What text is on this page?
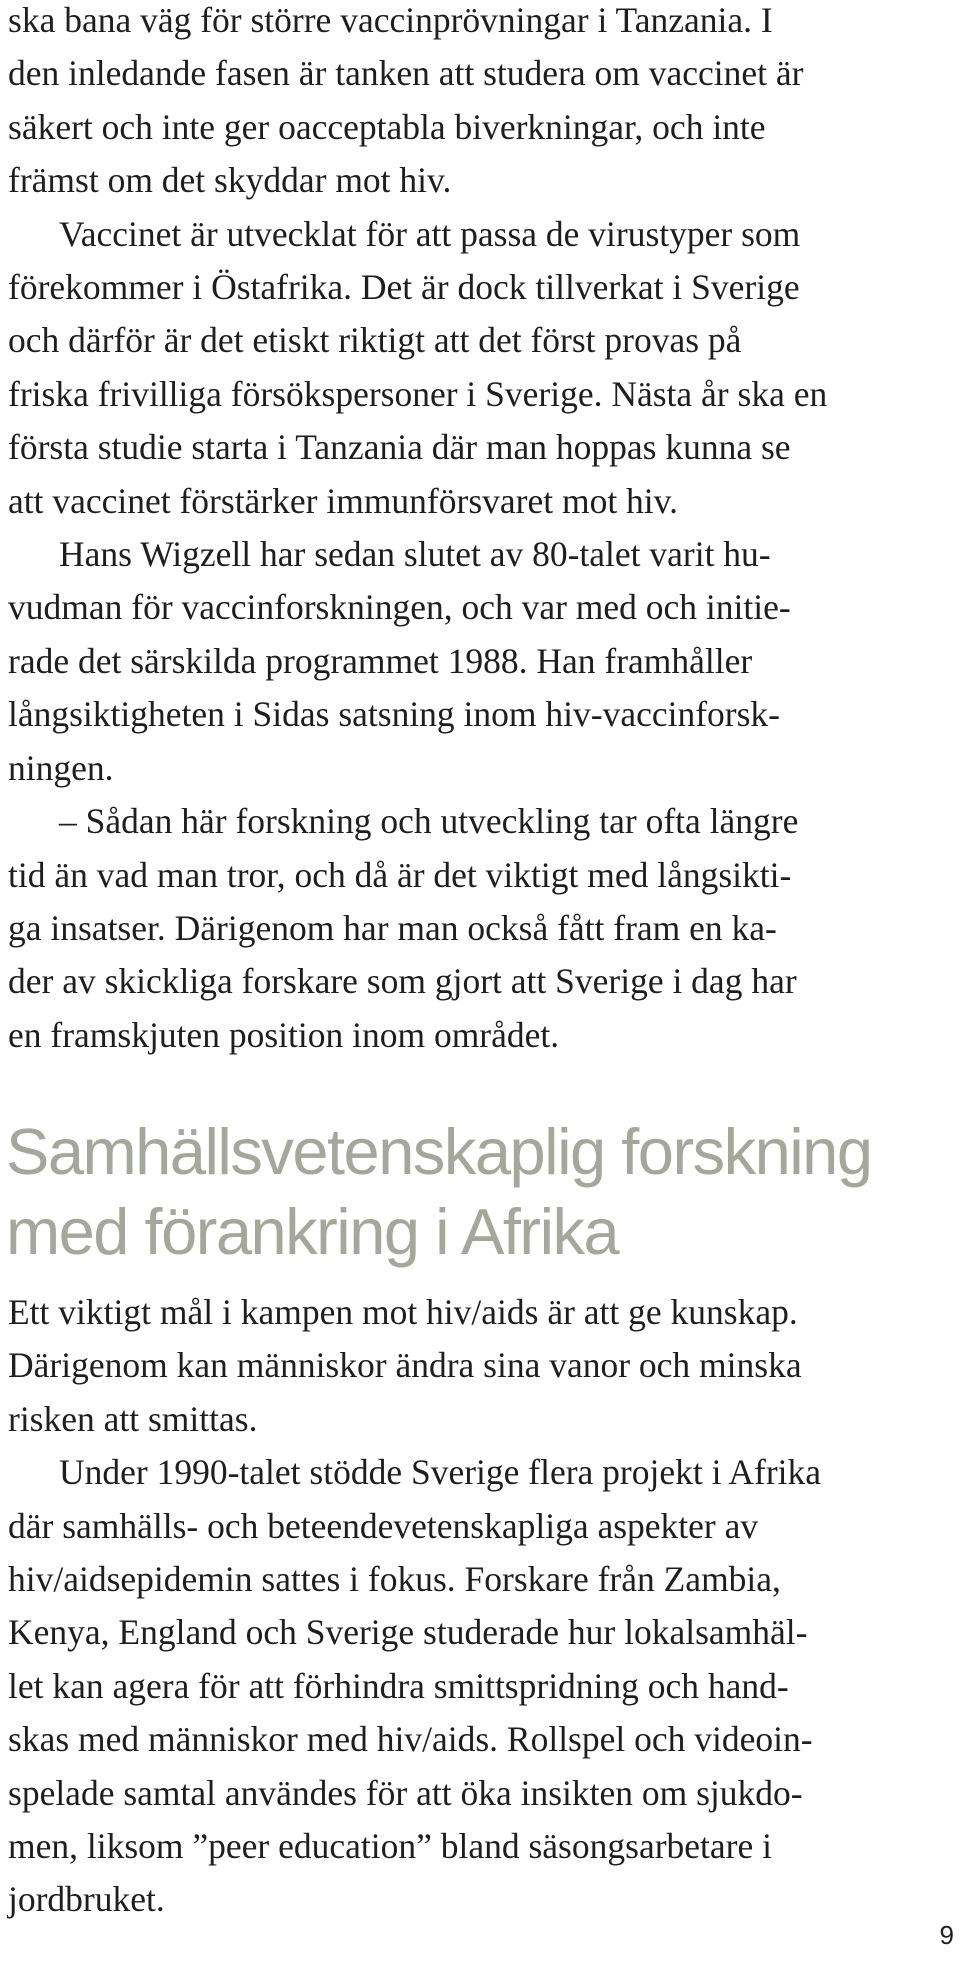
ska bana väg för större vaccinprövningar i Tanzania. I
den inledande fasen är tanken att studera om vaccinet är
säkert och inte ger oacceptabla biverkningar, och inte
främst om det skyddar mot hiv.
Vaccinet är utvecklat för att passa de virustyper som
förekommer i Östafrika. Det är dock tillverkat i Sverige
och därför är det etiskt riktigt att det först provas på
friska frivilliga försökspersoner i Sverige. Nästa år ska en
första studie starta i Tanzania där man hoppas kunna se
att vaccinet förstärker immunförsvaret mot hiv.
Hans Wigzell har sedan slutet av 80-talet varit hu-
vudman för vaccinforskningen, och var med och initie-
rade det särskilda programmet 1988. Han framhåller
långsiktigheten i Sidas satsning inom hiv-vaccinforsk-
ningen.
– Sådan här forskning och utveckling tar ofta längre
tid än vad man tror, och då är det viktigt med långsikti-
ga insatser. Därigenom har man också fått fram en ka-
der av skickliga forskare som gjort att Sverige i dag har
en framskjuten position inom området.
Samhällsvetenskaplig forskning
med förankring i Afrika
Ett viktigt mål i kampen mot hiv/aids är att ge kunskap.
Därigenom kan människor ändra sina vanor och minska
risken att smittas.
Under 1990-talet stödde Sverige flera projekt i Afrika
där samhälls- och beteendevetenskapliga aspekter av
hiv/aidsepidemin sattes i fokus. Forskare från Zambia,
Kenya, England och Sverige studerade hur lokalsamhäl-
let kan agera för att förhindra smittspridning och hand-
skas med människor med hiv/aids. Rollspel och videoin-
spelade samtal användes för att öka insikten om sjukdo-
men, liksom ”peer education” bland säsongsarbetare i
jordbruket.
9
